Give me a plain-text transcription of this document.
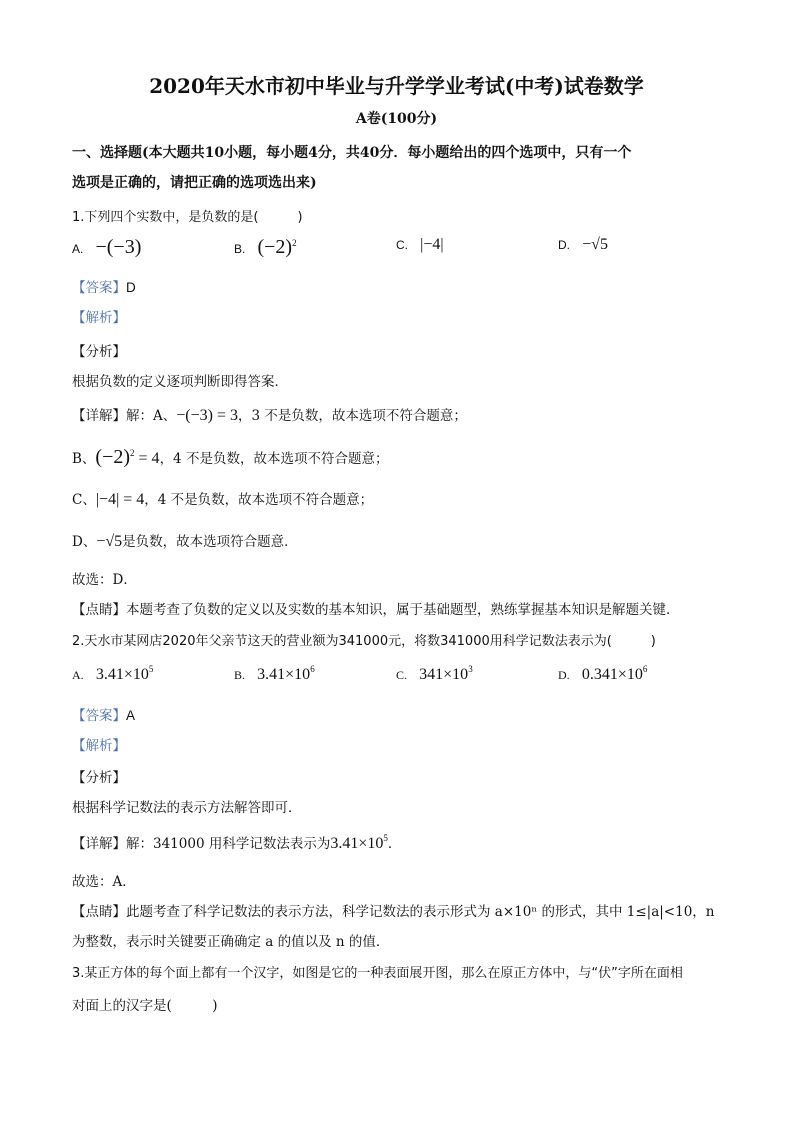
2020年天水市初中毕业与升学学业考试(中考)试卷数学
A卷(100分)
一、选择题(本大题共10小题，每小题4分，共40分．每小题给出的四个选项中，只有一个
选项是正确的，请把正确的选项选出来)
1.下列四个实数中，是负数的是(　　　)
A. −(−3)	B. $(-2)^2$	C. |−4|	D. −√5
【答案】D
【解析】
【分析】
根据负数的定义逐项判断即得答案．
【详解】解：A、−(−3) = 3，3 不是负数，故本选项不符合题意；
B、$(-2)^2 = 4$，4 不是负数，故本选项不符合题意；
C、|−4| = 4，4 不是负数，故本选项不符合题意；
D、−√5是负数，故本选项符合题意．
故选：D．
【点睛】本题考查了负数的定义以及实数的基本知识，属于基础题型，熟练掌握基本知识是解题关键．
2.天水市某网店2020年父亲节这天的营业额为341000元，将数341000用科学记数法表示为(　　　)
A. $3.41\times 10^5$	B. $3.41\times 10^6$	C. $341\times 10^3$	D. $0.341\times 10^6$
【答案】A
【解析】
【分析】
根据科学记数法的表示方法解答即可．
【详解】解：341000 用科学记数法表示为$3.41\times 10^5$．
故选：A．
【点睛】此题考查了科学记数法的表示方法，科学记数法的表示形式为 a×10ⁿ 的形式，其中 1≤|a|<10，n
为整数，表示时关键要正确确定 a 的值以及 n 的值．
3.某正方体的每个面上都有一个汉字，如图是它的一种表面展开图，那么在原正方体中，与“伏”字所在面相
对面上的汉字是(　　　)
